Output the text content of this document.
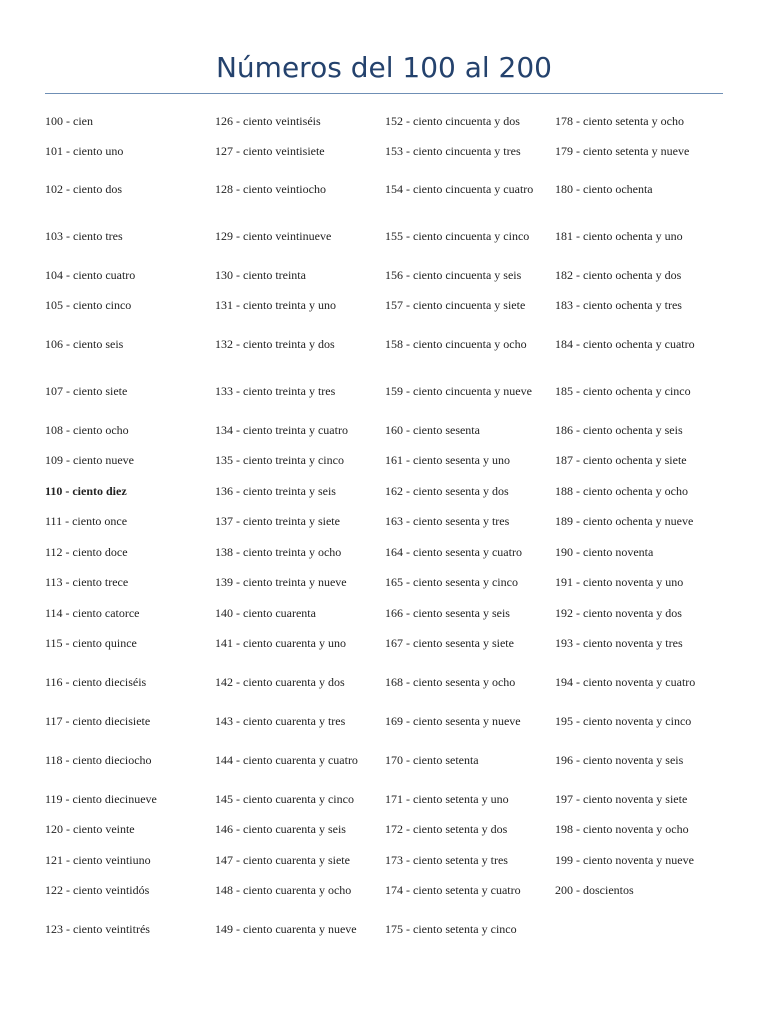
Números del 100 al 200
100 - cien	126 - ciento veintiséis	152 - ciento cincuenta y dos	178 - ciento setenta y ocho
101 - ciento uno	127 - ciento veintisiete	153 - ciento cincuenta y tres	179 - ciento setenta y nueve
102 - ciento dos	128 - ciento veintiocho	154 - ciento cincuenta y cuatro	180 - ciento ochenta
103 - ciento tres	129 - ciento veintinueve	155 - ciento cincuenta y cinco	181 - ciento ochenta y uno
104 - ciento cuatro	130 - ciento treinta	156 - ciento cincuenta y seis	182 - ciento ochenta y dos
105 - ciento cinco	131 - ciento treinta y uno	157 - ciento cincuenta y siete	183 - ciento ochenta y tres
106 - ciento seis	132 - ciento treinta y dos	158 - ciento cincuenta y ocho	184 - ciento ochenta y cuatro
107 - ciento siete	133 - ciento treinta y tres	159 - ciento cincuenta y nueve	185 - ciento ochenta y cinco
108 - ciento ocho	134 - ciento treinta y cuatro	160 - ciento sesenta	186 - ciento ochenta y seis
109 - ciento nueve	135 - ciento treinta y cinco	161 - ciento sesenta y uno	187 - ciento ochenta y siete
110 - ciento diez	136 - ciento treinta y seis	162 - ciento sesenta y dos	188 - ciento ochenta y ocho
111 - ciento once	137 - ciento treinta y siete	163 - ciento sesenta y tres	189 - ciento ochenta y nueve
112 - ciento doce	138 - ciento treinta y ocho	164 - ciento sesenta y cuatro	190 - ciento noventa
113 - ciento trece	139 - ciento treinta y nueve	165 - ciento sesenta y cinco	191 - ciento noventa y uno
114 - ciento catorce	140 - ciento cuarenta	166 - ciento sesenta y seis	192 - ciento noventa y dos
115 - ciento quince	141 - ciento cuarenta y uno	167 - ciento sesenta y siete	193 - ciento noventa y tres
116 - ciento dieciséis	142 - ciento cuarenta y dos	168 - ciento sesenta y ocho	194 - ciento noventa y cuatro
117 - ciento diecisiete	143 - ciento cuarenta y tres	169 - ciento sesenta y nueve	195 - ciento noventa y cinco
118 - ciento dieciocho	144 - ciento cuarenta y cuatro	170 - ciento setenta	196 - ciento noventa y seis
119 - ciento diecinueve	145 - ciento cuarenta y cinco	171 - ciento setenta y uno	197 - ciento noventa y siete
120 - ciento veinte	146 - ciento cuarenta y seis	172 - ciento setenta y dos	198 - ciento noventa y ocho
121 - ciento veintiuno	147 - ciento cuarenta y siete	173 - ciento setenta y tres	199 - ciento noventa y nueve
122 - ciento veintidós	148 - ciento cuarenta y ocho	174 - ciento setenta y cuatro	200 - doscientos
123 - ciento veintitrés	149 - ciento cuarenta y nueve	175 - ciento setenta y cinco
